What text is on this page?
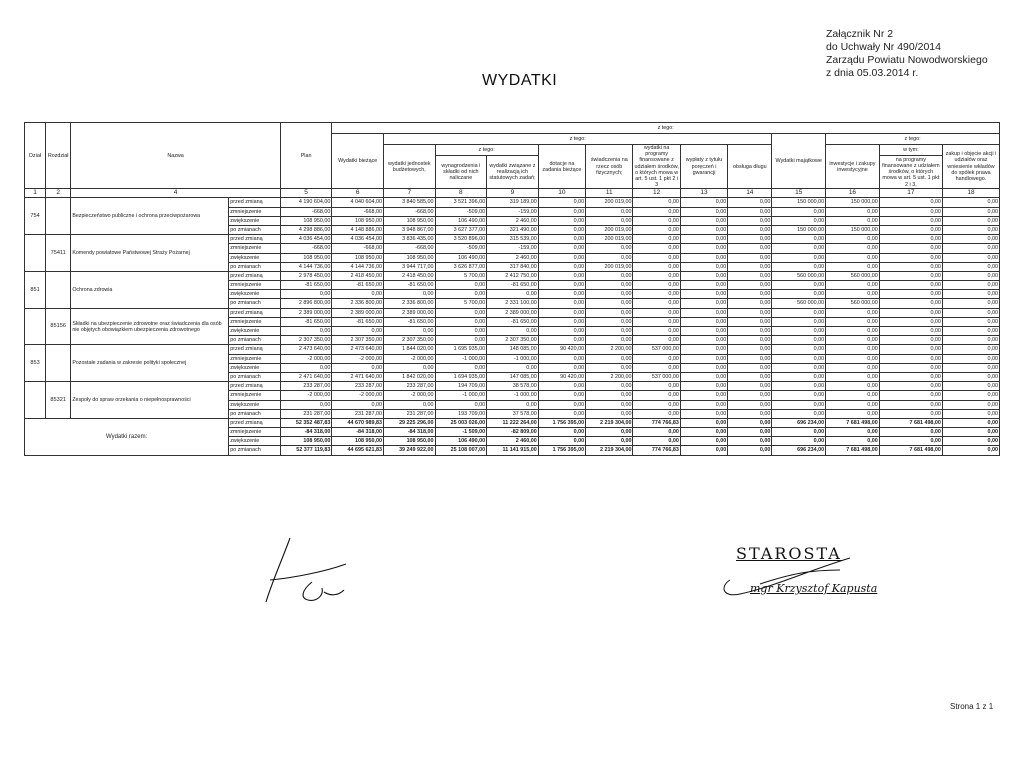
Załącznik Nr 2
do Uchwały Nr 490/2014
Zarządu Powiatu Nowodworskiego
z dnia 05.03.2014 r.
WYDATKI
Dział	Rozdział	Nazwa		Plan	z tego:												
					Wydatki bieżące	z tego:								Wydatki majątkowe	z tego:		
						wydatki jednostek budżetowych,	z tego:		dotacje na zadania bieżące	świadczenia na rzecz osób fizycznych;	wydatki na programy finansowane z udziałem środków, o których mowa w art. 5 ust. 1 pkt 2 i 3	wypłaty z tytułu poręczeń i gwarancji	obsługa długu		inwestycje i zakupy inwestycyjne	w tym:	zakup i objęcie akcji i udziałów oraz wniesienie wkładów do spółek prawa handlowego.
							wynagrodzenia i składki od nich naliczane	wydatki związane z realizacją ich statutowych zadań;								na programy finansowane z udziałem środków, o których mowa w art. 5 ust. 1 pkt 2 i 3,	

1	2	4		5	6	7	8	9	10	11	12	13	14	15	16	17	18
754		Bezpieczeństwo publiczne i ochrona przeciwpożarowa	przed zmianą	4 190 604,00	4 040 604,00	3 840 585,00	3 521 396,00	319 189,00	0,00	200 019,00	0,00	0,00	0,00	150 000,00	150 000,00	0,00	0,00
			zmniejszenie	-668,00	-668,00	-668,00	-509,00	-159,00	0,00	0,00	0,00	0,00	0,00	0,00	0,00	0,00	0,00
			zwiększenie	108 950,00	108 950,00	108 950,00	106 490,00	2 460,00	0,00	0,00	0,00	0,00	0,00	0,00	0,00	0,00	0,00
			po zmianach	4 298 886,00	4 148 886,00	3 948 867,00	3 627 377,00	321 490,00	0,00	200 019,00	0,00	0,00	0,00	150 000,00	150 000,00	0,00	0,00
	75411	Komendy powiatowe Państwowej Straży Pożarnej	przed zmianą	4 036 454,00	4 036 454,00	3 836 435,00	3 520 896,00	315 539,00	0,00	200 019,00	0,00	0,00	0,00	0,00	0,00	0,00	0,00
			zmniejszenie	-668,00	-668,00	-668,00	-509,00	-159,00	0,00	0,00	0,00	0,00	0,00	0,00	0,00	0,00	0,00
			zwiększenie	108 950,00	108 950,00	108 950,00	106 490,00	2 460,00	0,00	0,00	0,00	0,00	0,00	0,00	0,00	0,00	0,00
			po zmianach	4 144 736,00	4 144 736,00	3 944 717,00	3 626 877,00	317 840,00	0,00	200 019,00	0,00	0,00	0,00	0,00	0,00	0,00	0,00
851		Ochrona zdrowia	przed zmianą	2 978 450,00	2 418 450,00	2 418 450,00	5 700,00	2 412 750,00	0,00	0,00	0,00	0,00	0,00	560 000,00	560 000,00	0,00	0,00
			zmniejszenie	-81 650,00	-81 650,00	-81 650,00	0,00	-81 650,00	0,00	0,00	0,00	0,00	0,00	0,00	0,00	0,00	0,00
			zwiększenie	0,00	0,00	0,00	0,00	0,00	0,00	0,00	0,00	0,00	0,00	0,00	0,00	0,00	0,00
			po zmianach	2 896 800,00	2 336 800,00	2 336 800,00	5 700,00	2 331 100,00	0,00	0,00	0,00	0,00	0,00	560 000,00	560 000,00	0,00	0,00
	85156	Składki na ubezpieczenie zdrowotne oraz świadczenia dla osób nie objętych obowiązkiem ubezpieczenia zdrowotnego	przed zmianą	2 389 000,00	2 389 000,00	2 389 000,00	0,00	2 389 000,00	0,00	0,00	0,00	0,00	0,00	0,00	0,00	0,00	0,00
			zmniejszenie	-81 650,00	-81 650,00	-81 650,00	0,00	-81 650,00	0,00	0,00	0,00	0,00	0,00	0,00	0,00	0,00	0,00
			zwiększenie	0,00	0,00	0,00	0,00	0,00	0,00	0,00	0,00	0,00	0,00	0,00	0,00	0,00	0,00
			po zmianach	2 307 350,00	2 307 350,00	2 307 350,00	0,00	2 307 350,00	0,00	0,00	0,00	0,00	0,00	0,00	0,00	0,00	0,00
853		Pozostałe zadania w zakresie polityki społecznej	przed zmianą	2 473 640,00	2 473 640,00	1 844 020,00	1 695 935,00	148 085,00	90 420,00	2 200,00	537 000,00	0,00	0,00	0,00	0,00	0,00	0,00
			zmniejszenie	-2 000,00	-2 000,00	-2 000,00	-1 000,00	-1 000,00	0,00	0,00	0,00	0,00	0,00	0,00	0,00	0,00	0,00
			zwiększenie	0,00	0,00	0,00	0,00	0,00	0,00	0,00	0,00	0,00	0,00	0,00	0,00	0,00	0,00
			po zmianach	2 471 640,00	2 471 640,00	1 842 020,00	1 694 935,00	147 085,00	90 420,00	2 200,00	537 000,00	0,00	0,00	0,00	0,00	0,00	0,00
	85321	Zespoły do spraw orzekania o niepełnosprawności	przed zmianą	233 287,00	233 287,00	233 287,00	194 709,00	38 578,00	0,00	0,00	0,00	0,00	0,00	0,00	0,00	0,00	0,00
			zmniejszenie	-2 000,00	-2 000,00	-2 000,00	-1 000,00	-1 000,00	0,00	0,00	0,00	0,00	0,00	0,00	0,00	0,00	0,00
			zwiększenie	0,00	0,00	0,00	0,00	0,00	0,00	0,00	0,00	0,00	0,00	0,00	0,00	0,00	0,00
			po zmianach	231 287,00	231 287,00	231 287,00	193 709,00	37 578,00	0,00	0,00	0,00	0,00	0,00	0,00	0,00	0,00	0,00
Wydatki razem:			przed zmianą	52 352 487,83	44 670 989,83	29 225 296,00	25 003 026,00	11 222 264,00	1 756 395,00	2 219 304,00	774 766,83	0,00	0,00	696 234,00	7 681 498,00	7 681 498,00	0,00
			zmniejszenie	-84 318,00	-84 318,00	-84 318,00	-1 509,00	-82 809,00	0,00	0,00	0,00	0,00	0,00	0,00	0,00	0,00	0,00
			zwiększenie	108 950,00	108 950,00	108 950,00	106 490,00	2 460,00	0,00	0,00	0,00	0,00	0,00	0,00	0,00	0,00	0,00
			po zmianach	52 377 119,83	44 695 621,83	39 249 922,00	25 108 007,00	11 141 915,00	1 756 395,00	2 219 304,00	774 766,83	0,00	0,00	696 234,00	7 681 498,00	7 681 498,00	0,00
STAROSTA
mgr Krzysztof Kapusta
Strona 1 z 1
